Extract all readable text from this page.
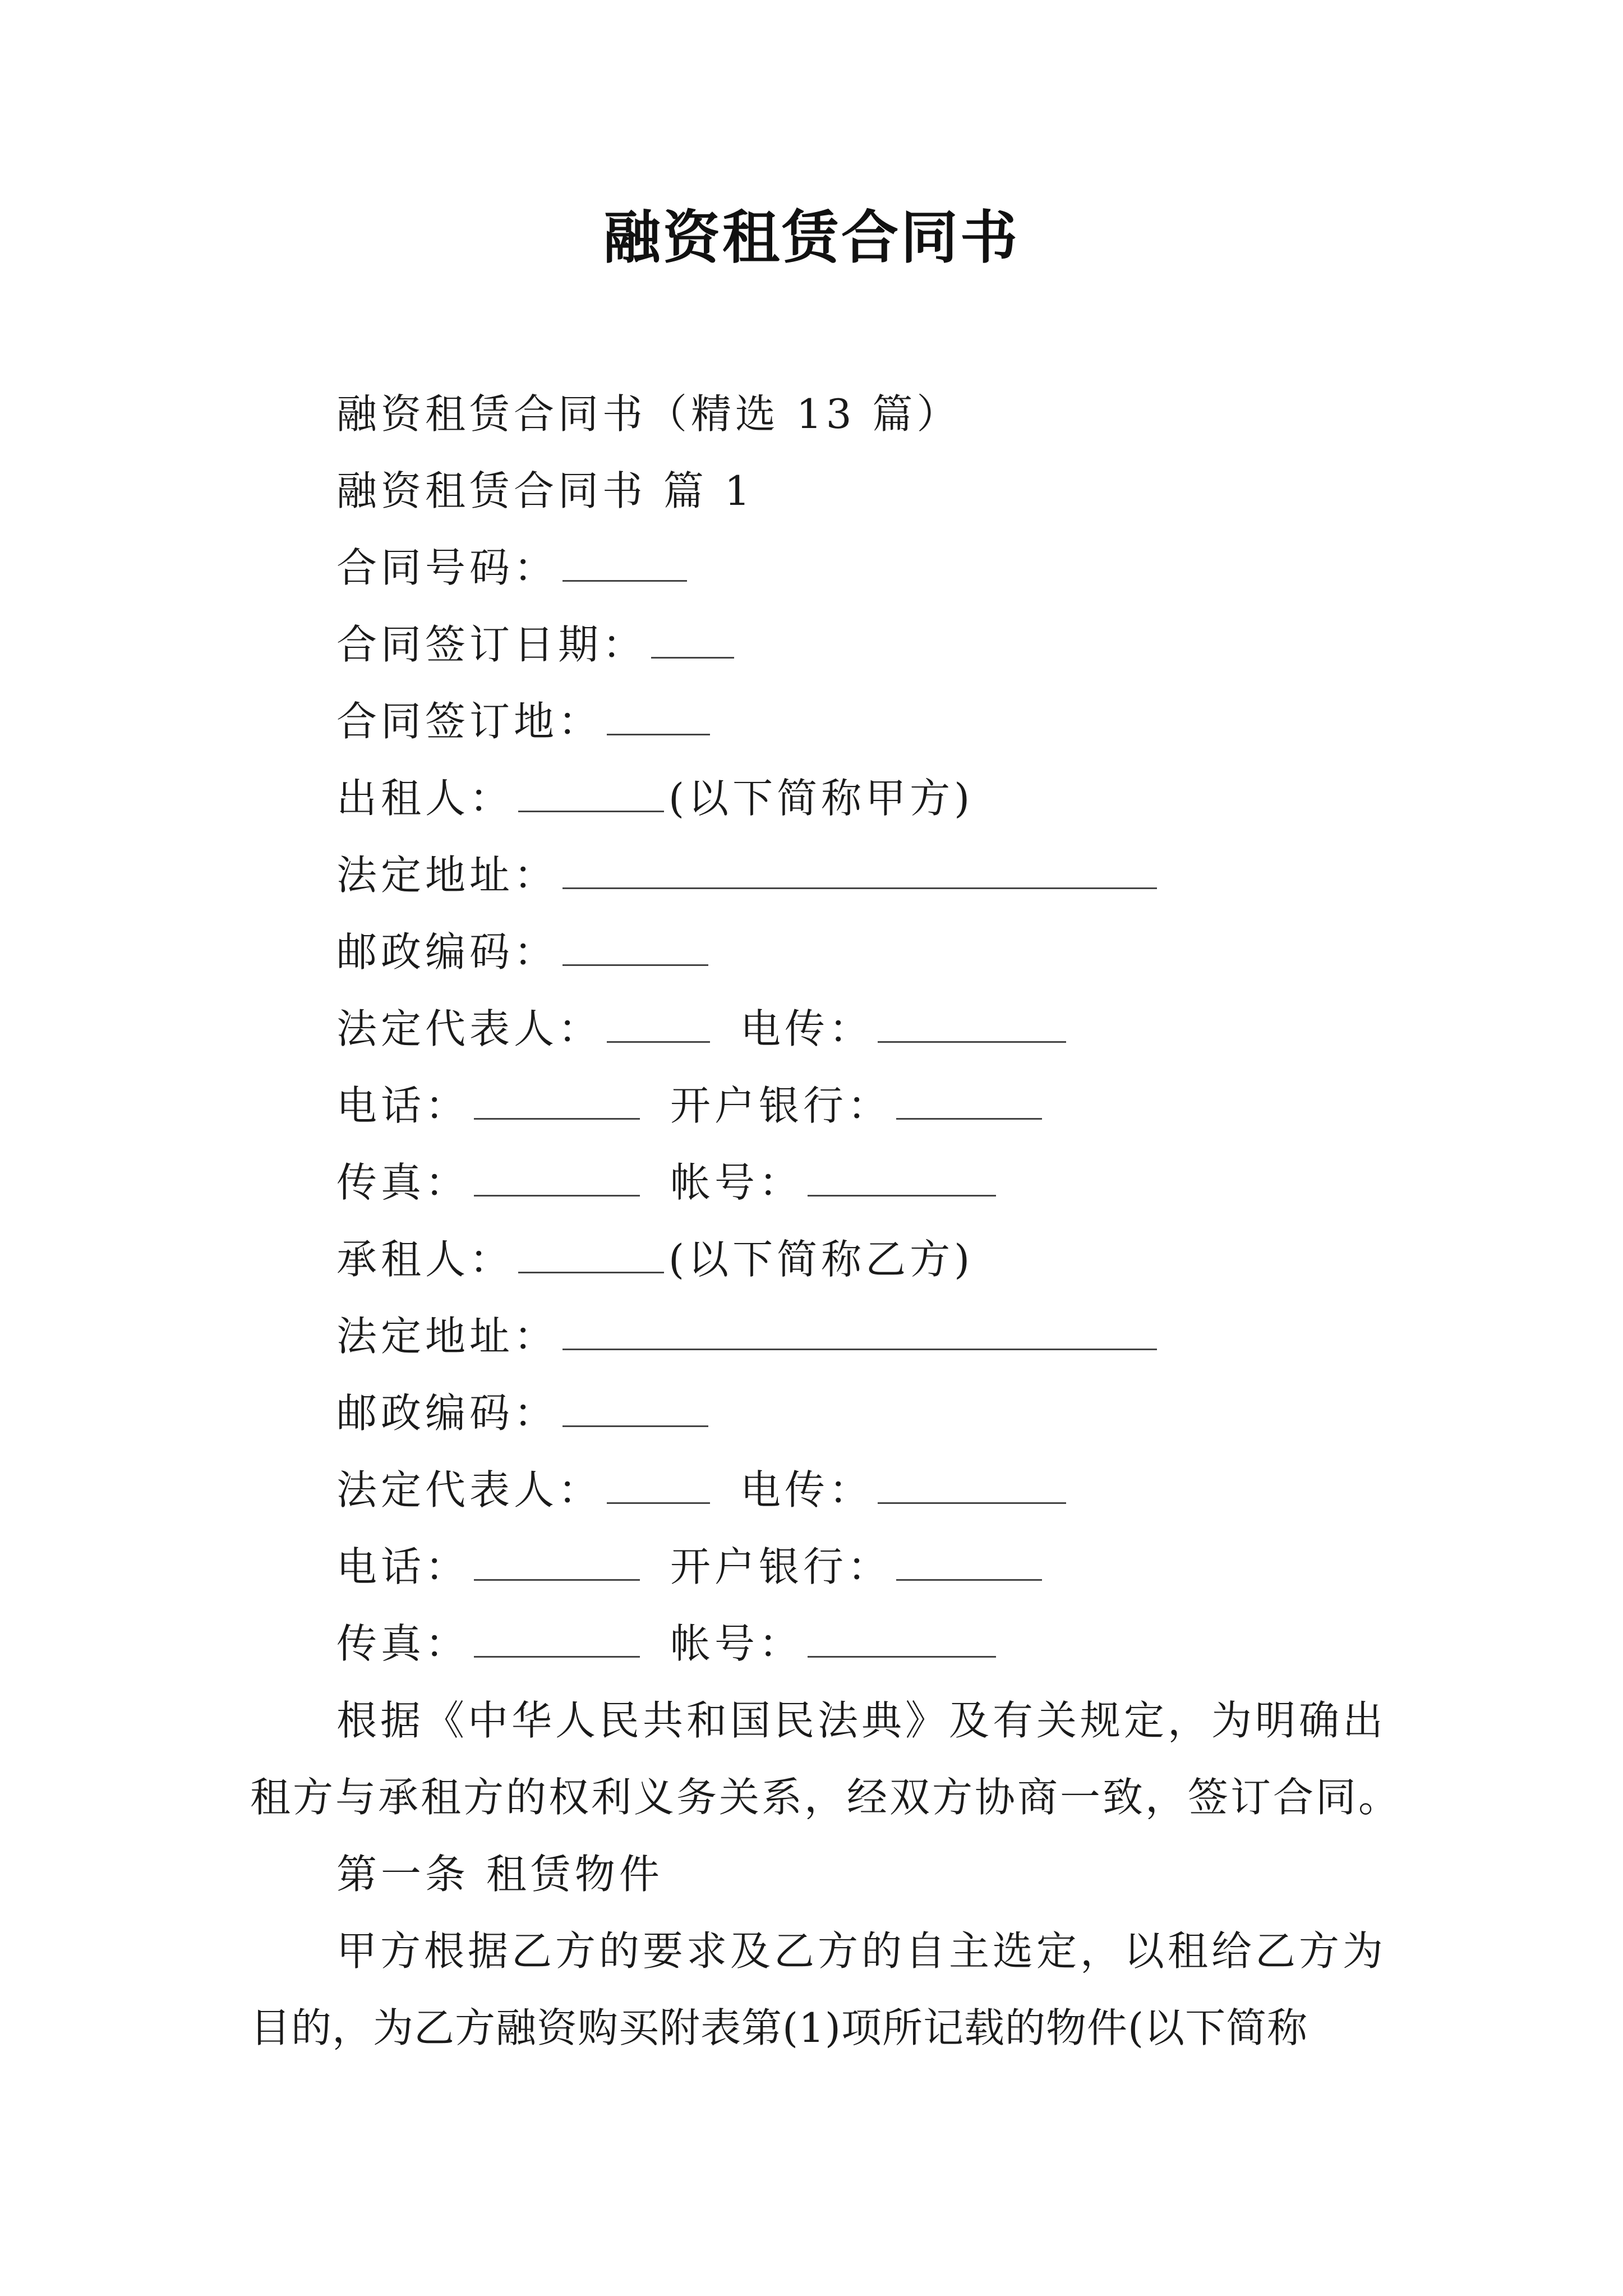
融资租赁合同书
融资租赁合同书（精选 13 篇）
融资租赁合同书 篇 1
合同号码：
合同签订日期：
合同签订地：
出租人：	(以下简称甲方)
法定地址：
邮政编码：
法定代表人：	电传：
电话：	开户银行：
传真：	帐号：
承租人：	(以下简称乙方)
法定地址：
邮政编码：
法定代表人：	电传：
电话：	开户银行：
传真：	帐号：
根据《中华人民共和国民法典》及有关规定，为明确出
租方与承租方的权利义务关系，经双方协商一致，签订合同。
第一条 租赁物件
甲方根据乙方的要求及乙方的自主选定，以租给乙方为
目的，为乙方融资购买附表第(1)项所记载的物件(以下简称
